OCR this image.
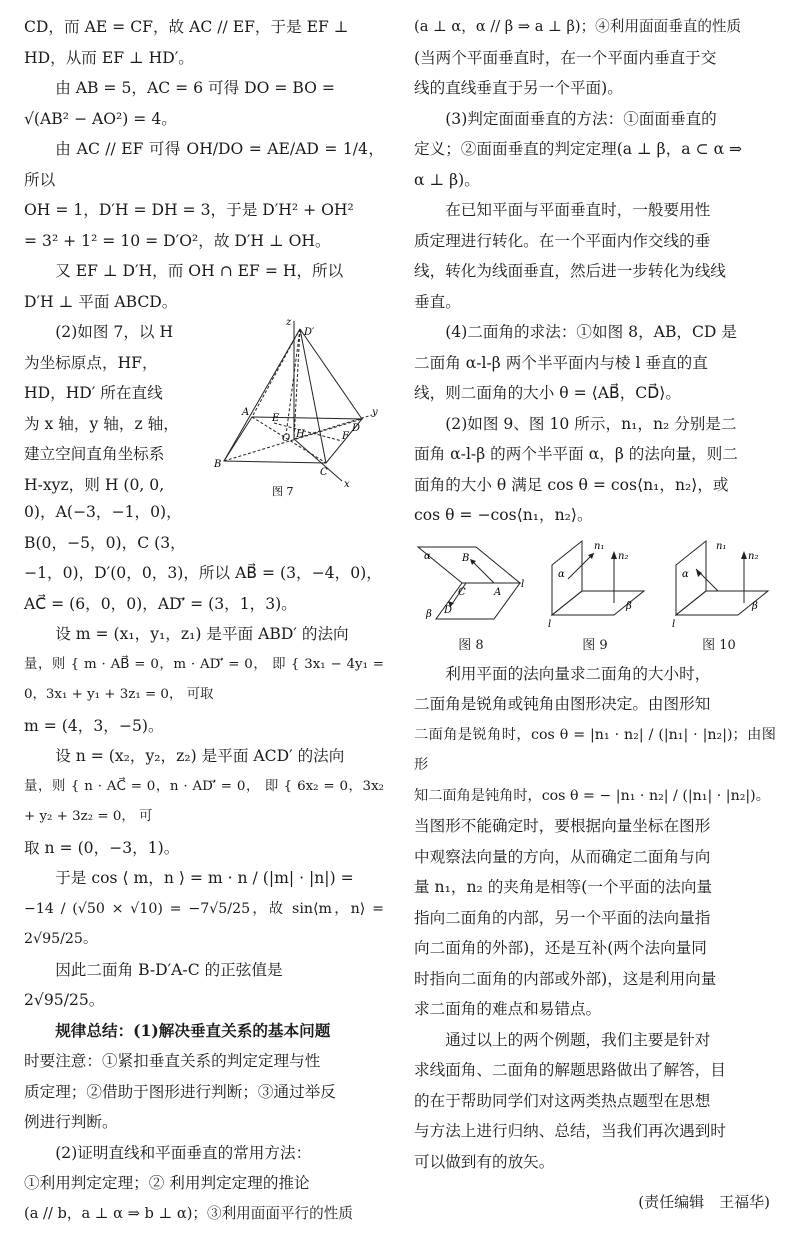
CD，而 AE = CF，故 AC // EF，于是 EF ⊥

HD，从而 EF ⊥ HD′。

由 AB = 5，AC = 6 可得 DO = BO =

√(AB² − AO²) = 4。

由 AC // EF 可得 OH/DO = AE/AD = 1/4，所以

OH = 1，D′H = DH = 3，于是 D′H² + OH²

= 3² + 1² = 10 = D′O²，故 D′H ⊥ OH。

又 EF ⊥ D′H，而 OH ∩ EF = H，所以

D′H ⊥ 平面 ABCD。

(2)如图 7，以 H

为坐标原点，HF，

HD，HD′ 所在直线

为 x 轴，y 轴，z 轴，

建立空间直角坐标系

H-xyz，则 H (0, 0,

z
D′
A
E
O H	F
D
B
C
x
y
图 7

0)，A(−3，−1，0)，

B(0，−5，0)，C (3，

−1，0)，D′(0，0，3)，所以 AB⃗ = (3，−4，0)，

AC⃗ = (6，0，0)，AD′⃗ = (3，1，3)。

设 m = (x₁，y₁，z₁) 是平面 ABD′ 的法向

量，则 { m · AB⃗ = 0，m · AD′⃗ = 0， 即 { 3x₁ − 4y₁ = 0，3x₁ + y₁ + 3z₁ = 0， 可取

m = (4，3，−5)。

设 n = (x₂，y₂，z₂) 是平面 ACD′ 的法向

量，则 { n · AC⃗ = 0，n · AD′⃗ = 0， 即 { 6x₂ = 0，3x₂ + y₂ + 3z₂ = 0， 可

取 n = (0，−3，1)。

于是 cos ⟨ m，n ⟩ = m · n / (|m| · |n|) =

−14 / (√50 × √10) = −7√5/25，故 sin⟨m，n⟩ = 2√95/25。

因此二面角 B-D′A-C 的正弦值是

2√95/25。

规律总结：(1)解决垂直关系的基本问题

时要注意：①紧扣垂直关系的判定定理与性

质定理；②借助于图形进行判断；③通过举反

例进行判断。

(2)证明直线和平面垂直的常用方法：

①利用判定定理；② 利用判定定理的推论

(a // b，a ⊥ α ⇒ b ⊥ α)；③利用面面平行的性质

(a ⊥ α，α // β ⇒ a ⊥ β)；④利用面面垂直的性质

(当两个平面垂直时，在一个平面内垂直于交

线的直线垂直于另一个平面)。

(3)判定面面垂直的方法：①面面垂直的

定义；②面面垂直的判定定理(a ⊥ β，a ⊂ α ⇒

α ⊥ β)。

在已知平面与平面垂直时，一般要用性

质定理进行转化。在一个平面内作交线的垂

线，转化为线面垂直，然后进一步转化为线线

垂直。

(4)二面角的求法：①如图 8，AB，CD 是

二面角 α-l-β 两个半平面内与棱 l 垂直的直

线，则二面角的大小 θ = ⟨AB⃗，CD⃗⟩。

(2)如图 9、图 10 所示，n₁，n₂ 分别是二

面角 α-l-β 的两个半平面 α，β 的法向量，则二

面角的大小 θ 满足 cos θ = cos⟨n₁，n₂⟩，或

cos θ = −cos⟨n₁，n₂⟩。

α
β
B
C	A
D
l
图 8
α
β
n₁
n₂
l
图 9
α
β
n₁
n₂
l
图 10

利用平面的法向量求二面角的大小时，

二面角是锐角或钝角由图形决定。由图形知

二面角是锐角时，cos θ = |n₁ · n₂| / (|n₁| · |n₂|)；由图形

知二面角是钝角时，cos θ = − |n₁ · n₂| / (|n₁| · |n₂|)。

当图形不能确定时，要根据向量坐标在图形

中观察法向量的方向，从而确定二面角与向

量 n₁，n₂ 的夹角是相等(一个平面的法向量

指向二面角的内部，另一个平面的法向量指

向二面角的外部)，还是互补(两个法向量同

时指向二面角的内部或外部)，这是利用向量

求二面角的难点和易错点。

通过以上的两个例题，我们主要是针对

求线面角、二面角的解题思路做出了解答，目

的在于帮助同学们对这两类热点题型在思想

与方法上进行归纳、总结，当我们再次遇到时

可以做到有的放矢。

(责任编辑　王福华)
